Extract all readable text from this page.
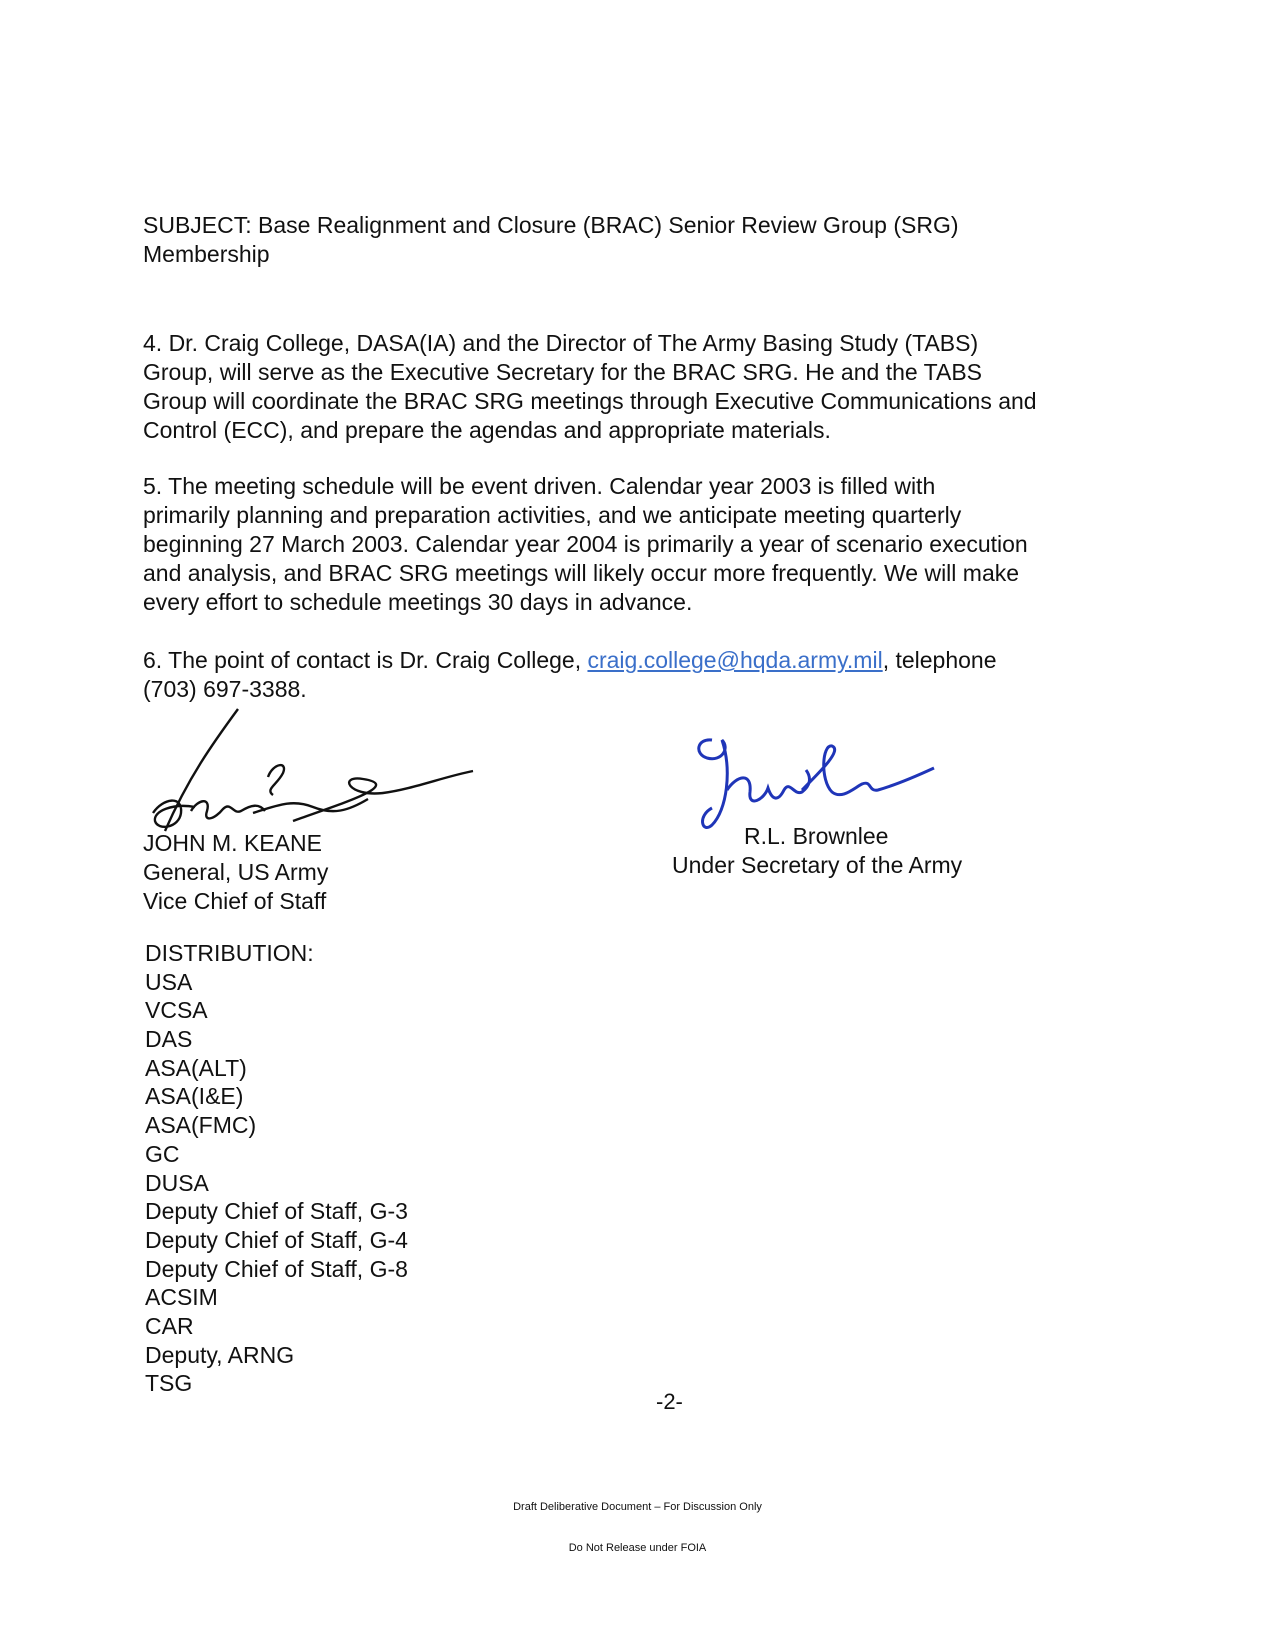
SUBJECT: Base Realignment and Closure (BRAC) Senior Review Group (SRG)
Membership
4. Dr. Craig College, DASA(IA) and the Director of The Army Basing Study (TABS)
Group, will serve as the Executive Secretary for the BRAC SRG. He and the TABS
Group will coordinate the BRAC SRG meetings through Executive Communications and
Control (ECC), and prepare the agendas and appropriate materials.
5. The meeting schedule will be event driven. Calendar year 2003 is filled with
primarily planning and preparation activities, and we anticipate meeting quarterly
beginning 27 March 2003. Calendar year 2004 is primarily a year of scenario execution
and analysis, and BRAC SRG meetings will likely occur more frequently. We will make
every effort to schedule meetings 30 days in advance.
6. The point of contact is Dr. Craig College, craig.college@hqda.army.mil, telephone
(703) 697-3388.
JOHN M. KEANE
General, US Army
Vice Chief of Staff
R.L. Brownlee
Under Secretary of the Army
DISTRIBUTION:
USA
VCSA
DAS
ASA(ALT)
ASA(I&E)
ASA(FMC)
GC
DUSA
Deputy Chief of Staff, G-3
Deputy Chief of Staff, G-4
Deputy Chief of Staff, G-8
ACSIM
CAR
Deputy, ARNG
TSG
-2-
Draft Deliberative Document – For Discussion Only
Do Not Release under FOIA
